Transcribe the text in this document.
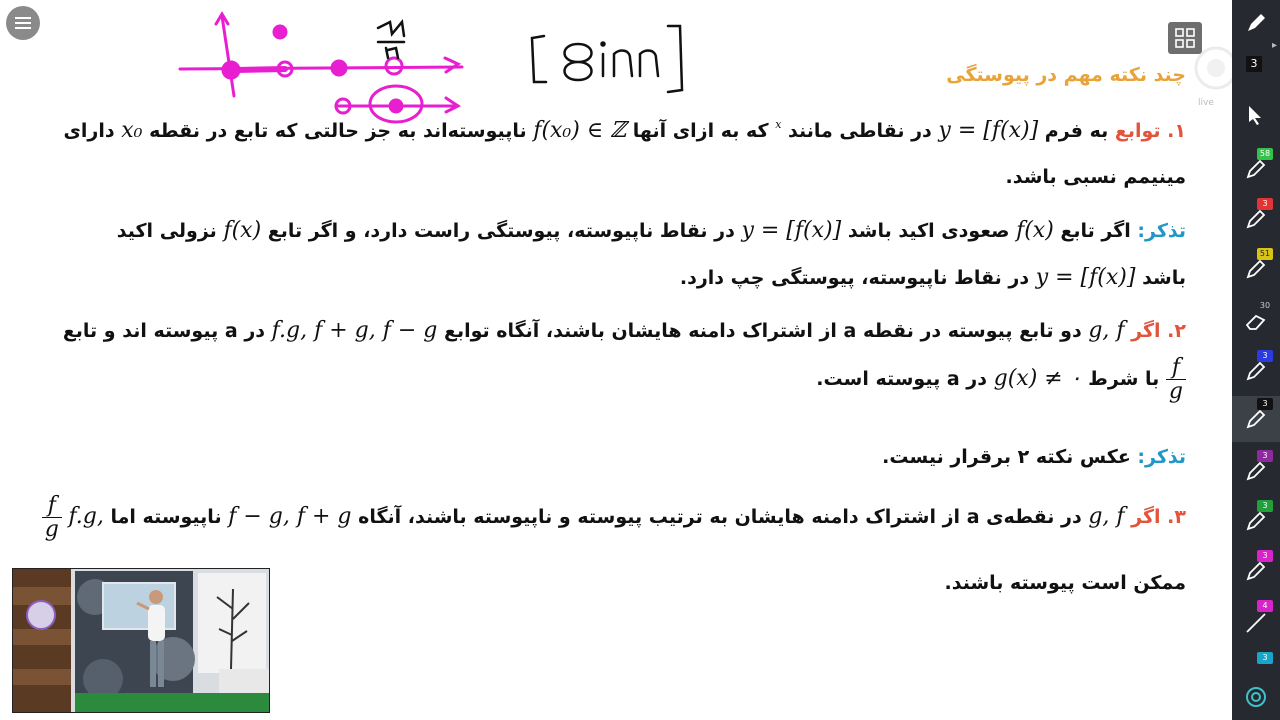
live
چند نکته مهم در پیوستگی
۱. توابع به فرم y = [f(x)] در نقاطی مانند $^x$ که به ازای آنها f(x₀) ∈ ℤ ناپیوسته‌اند به جز حالتی که تابع در نقطه x₀ دارای
مینیمم نسبی باشد.
تذکر: اگر تابع f(x) صعودی اکید باشد y = [f(x)] در نقاط ناپیوسته، پیوستگی راست دارد، و اگر تابع f(x) نزولی اکید
باشد y = [f(x)] در نقاط ناپیوسته، پیوستگی چپ دارد.
۲. اگر g, f دو تابع پیوسته در نقطه a از اشتراک دامنه هایشان باشند، آنگاه توابع f.g, f + g, f − g در a پیوسته اند و تابع
$\frac{f}{g}$
با شرط g(x) ≠ ۰ در a پیوسته است.
تذکر: عکس نکته ۲ برقرار نیست.
۳. اگر g, f در نقطه‌ی a از اشتراک دامنه هایشان به ترتیب پیوسته و ناپیوسته باشند، آنگاه f − g, f + g ناپیوسته اما f.g,
$\frac{f}{g}$
ممکن است پیوسته باشند.
3
▸
58
3
51
30
3
3
3
3
3
4
3
